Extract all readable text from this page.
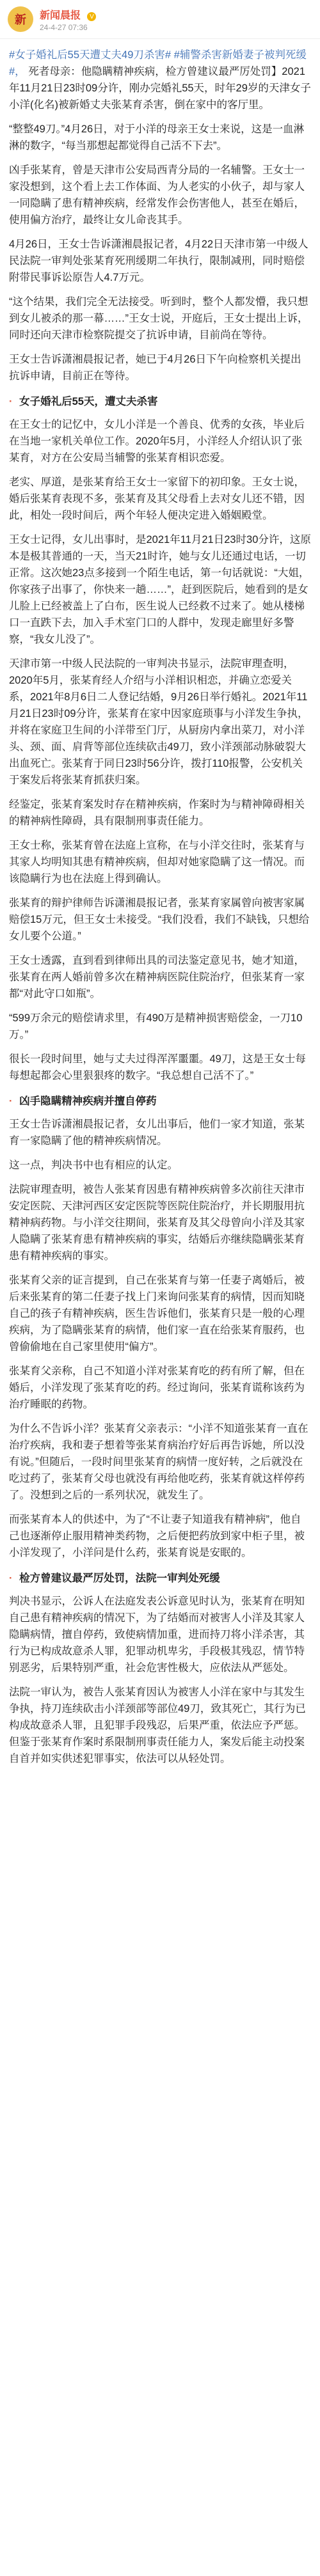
新	新闻晨报 V
24-4-27 07:36

#女子婚礼后55天遭丈夫49刀杀害# #辅警杀害新婚妻子被判死缓#， 死者母亲：他隐瞒精神疾病，检方曾建议最严厉处罚】2021年11月21日23时09分许，刚办完婚礼55天，时年29岁的天津女子小洋(化名)被新婚丈夫张某育杀害，倒在家中的客厅里。

“整整49刀。”4月26日，对于小洋的母亲王女士来说，这是一血淋淋的数字，“每当那想起都觉得自己活不下去”。

凶手张某育，曾是天津市公安局西青分局的一名辅警。王女士一家没想到，这个看上去工作体面、为人老实的小伙子，却与家人一同隐瞒了患有精神疾病，经常发作会伤害他人，甚至在婚后，使用偏方治疗，最终让女儿命丧其手。

4月26日，王女士告诉潇湘晨报记者，4月22日天津市第一中级人民法院一审判处张某育死刑缓期二年执行，限制减刑，同时赔偿附带民事诉讼原告人4.7万元。

“这个结果，我们完全无法接受。听到时，整个人都发懵，我只想到女儿被杀的那一幕……”王女士说，开庭后，王女士提出上诉，同时还向天津市检察院提交了抗诉申请，目前尚在等待。

王女士告诉潇湘晨报记者，她已于4月26日下午向检察机关提出抗诉申请，目前正在等待。

· 女子婚礼后55天，遭丈夫杀害

在王女士的记忆中，女儿小洋是一个善良、优秀的女孩，毕业后在当地一家机关单位工作。2020年5月，小洋经人介绍认识了张某育，对方在公安局当辅警的张某育相识恋爱。

老实、厚道，是张某育给王女士一家留下的初印象。王女士说，婚后张某育表现不多，张某育及其父母看上去对女儿还不错，因此，相处一段时间后，两个年轻人便决定进入婚姻殿堂。

王女士记得，女儿出事时，是2021年11月21日23时30分许，这原本是极其普通的一天，当天21时许，她与女儿还通过电话，一切正常。这次她23点多接到一个陌生电话，第一句话就说：“大姐，你家孩子出事了，你快来一趟……”，赶到医院后，她看到的是女儿脸上已经被盖上了白布，医生说人已经救不过来了。她从楼梯口一直跌下去，加入手术室门口的人群中，发现走廊里好多警察，“我女儿没了”。

天津市第一中级人民法院的一审判决书显示，法院审理查明，2020年5月，张某育经人介绍与小洋相识相恋，并确立恋爱关系，2021年8月6日二人登记结婚，9月26日举行婚礼。2021年11月21日23时09分许，张某育在家中因家庭琐事与小洋发生争执，并将在家庭卫生间的小洋带至门厅，从厨房内拿出菜刀，对小洋头、颈、面、肩背等部位连续砍击49刀，致小洋颈部动脉破裂大出血死亡。张某育于同日23时56分许，拨打110报警，公安机关于案发后将张某育抓获归案。

经鉴定，张某育案发时存在精神疾病，作案时为与精神障碍相关的精神病性障碍，具有限制刑事责任能力。

王女士称，张某育曾在法庭上宣称，在与小洋交往时，张某育与其家人均明知其患有精神疾病，但却对她家隐瞒了这一情况。而该隐瞒行为也在法庭上得到确认。

张某育的辩护律师告诉潇湘晨报记者，张某育家属曾向被害家属赔偿15万元，但王女士未接受。“我们没看，我们不缺钱，只想给女儿要个公道。”

王女士透露，直到看到律师出具的司法鉴定意见书，她才知道，张某育在两人婚前曾多次在精神病医院住院治疗，但张某育一家都“对此守口如瓶”。

“599万余元的赔偿请求里，有490万是精神损害赔偿金，一刀10万。”

很长一段时间里，她与丈夫过得浑浑噩噩。49刀，这是王女士每每想起都会心里狠狠疼的数字。“我总想自己活不了。”

· 凶手隐瞒精神疾病并擅自停药

王女士告诉潇湘晨报记者，女儿出事后，他们一家才知道，张某育一家隐瞒了他的精神疾病情况。

这一点，判决书中也有相应的认定。

法院审理查明，被告人张某育因患有精神疾病曾多次前往天津市安定医院、天津河西区安定医院等医院住院治疗，并长期服用抗精神病药物。与小洋交往期间，张某育及其父母曾向小洋及其家人隐瞒了张某育患有精神疾病的事实，结婚后亦继续隐瞒张某育患有精神疾病的事实。

张某育父亲的证言提到，自己在张某育与第一任妻子离婚后，被后来张某育的第二任妻子找上门来询问张某育的病情，因而知晓自己的孩子有精神疾病，医生告诉他们，张某育只是一般的心理疾病，为了隐瞒张某育的病情，他们家一直在给张某育服药，也曾偷偷地在自己家里使用“偏方”。

张某育父亲称，自己不知道小洋对张某育吃的药有所了解，但在婚后，小洋发现了张某育吃的药。经过询问，张某育谎称该药为治疗睡眠的药物。

为什么不告诉小洋？张某育父亲表示：“小洋不知道张某育一直在治疗疾病，我和妻子想着等张某育病治疗好后再告诉她，所以没有说。”但随后，一段时间里张某育的病情一度好转，之后就没在吃过药了，张某育父母也就没有再给他吃药，张某育就这样停药了。没想到之后的一系列状况，就发生了。

而张某育本人的供述中，为了“不让妻子知道我有精神病”，他自己也逐渐停止服用精神类药物，之后便把药放到家中柜子里，被小洋发现了，小洋问是什么药，张某育说是安眠的。

· 检方曾建议最严厉处罚，法院一审判处死缓

判决书显示，公诉人在法庭发表公诉意见时认为，张某育在明知自己患有精神疾病的情况下，为了结婚而对被害人小洋及其家人隐瞒病情，擅自停药，致使病情加重，进而持刀将小洋杀害，其行为已构成故意杀人罪，犯罪动机卑劣，手段极其残忍，情节特别恶劣，后果特别严重，社会危害性极大，应依法从严惩处。

法院一审认为，被告人张某育因认为被害人小洋在家中与其发生争执，持刀连续砍击小洋颈部等部位49刀，致其死亡，其行为已构成故意杀人罪，且犯罪手段残忍，后果严重，依法应予严惩。但鉴于张某育作案时系限制刑事责任能力人，案发后能主动投案自首并如实供述犯罪事实，依法可以从轻处罚。
